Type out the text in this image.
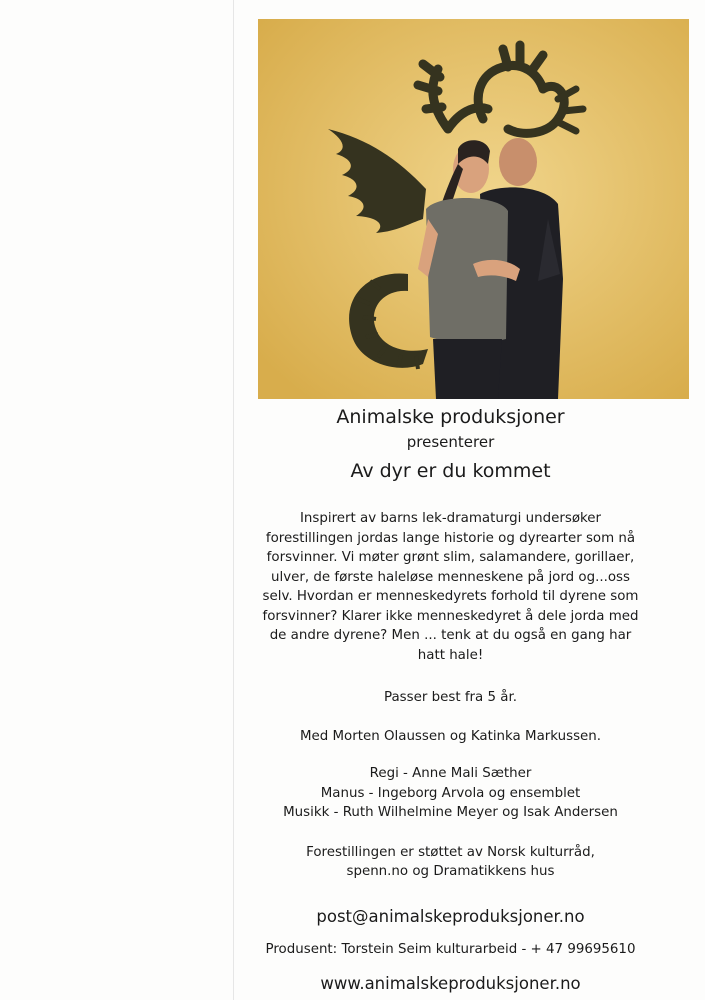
Animalske produksjoner

presenterer

Av dyr er du kommet

Inspirert av barns lek-dramaturgi undersøker
forestillingen jordas lange historie og dyrearter som nå
forsvinner. Vi møter grønt slim, salamandere, gorillaer,
ulver, de første haleløse menneskene på jord og...oss
selv. Hvordan er menneskedyrets forhold til dyrene som
forsvinner? Klarer ikke menneskedyret å dele jorda med
de andre dyrene? Men ... tenk at du også en gang har
hatt hale!

Passer best fra 5 år.

Med Morten Olaussen og Katinka Markussen.

Regi - Anne Mali Sæther
Manus - Ingeborg Arvola og ensemblet
Musikk - Ruth Wilhelmine Meyer og Isak Andersen
Forestillingen er støttet av Norsk kulturråd,
spenn.no og Dramatikkens hus

post@animalskeproduksjoner.no

Produsent: Torstein Seim kulturarbeid - + 47 99695610

www.animalskeproduksjoner.no
